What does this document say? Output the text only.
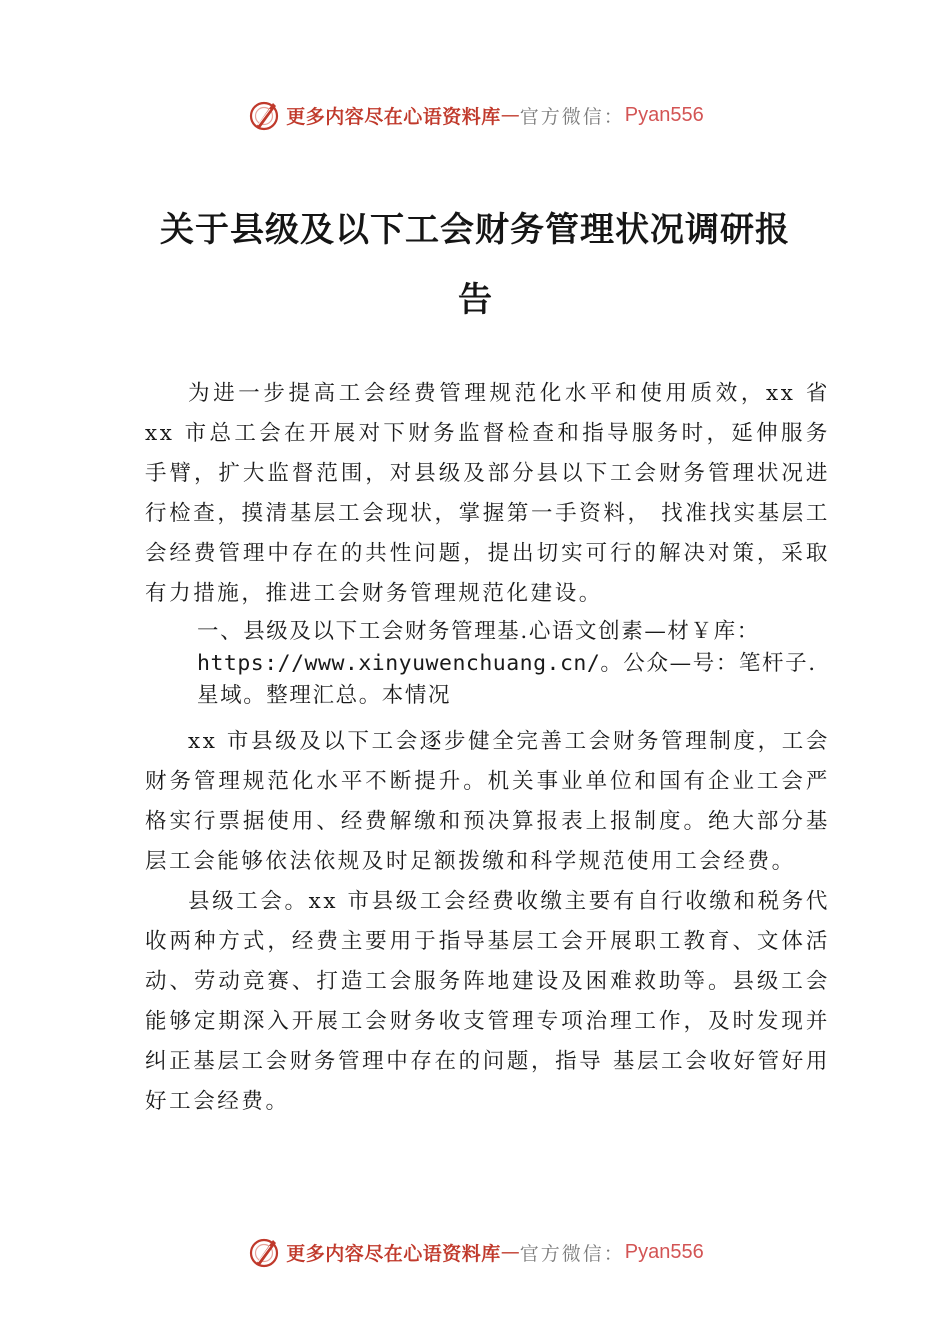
更多内容尽在心语资料库 — 官方微信： Pyan556
关于县级及以下工会财务管理状况调研报
告

为进一步提高工会经费管理规范化水平和使用质效，xx 省 xx 市总工会在开展对下财务监督检查和指导服务时，延伸服务手臂，扩大监督范围，对县级及部分县以下工会财务管理状况进行检查，摸清基层工会现状，掌握第一手资料， 找准找实基层工会经费管理中存在的共性问题，提出切实可行的解决对策，采取有力措施，推进工会财务管理规范化建设。

一、县级及以下工会财务管理基.心语文创素—材￥库：
https://www.xinyuwenchuang.cn/。公众—号：笔杆子.
星域。整理汇总。本情况

xx 市县级及以下工会逐步健全完善工会财务管理制度，工会财务管理规范化水平不断提升。机关事业单位和国有企业工会严格实行票据使用、经费解缴和预决算报表上报制度。绝大部分基层工会能够依法依规及时足额拨缴和科学规范使用工会经费。

县级工会。xx 市县级工会经费收缴主要有自行收缴和税务代收两种方式，经费主要用于指导基层工会开展职工教育、文体活动、劳动竞赛、打造工会服务阵地建设及困难救助等。县级工会能够定期深入开展工会财务收支管理专项治理工作，及时发现并纠正基层工会财务管理中存在的问题，指导 基层工会收好管好用好工会经费。

更多内容尽在心语资料库 — 官方微信： Pyan556
